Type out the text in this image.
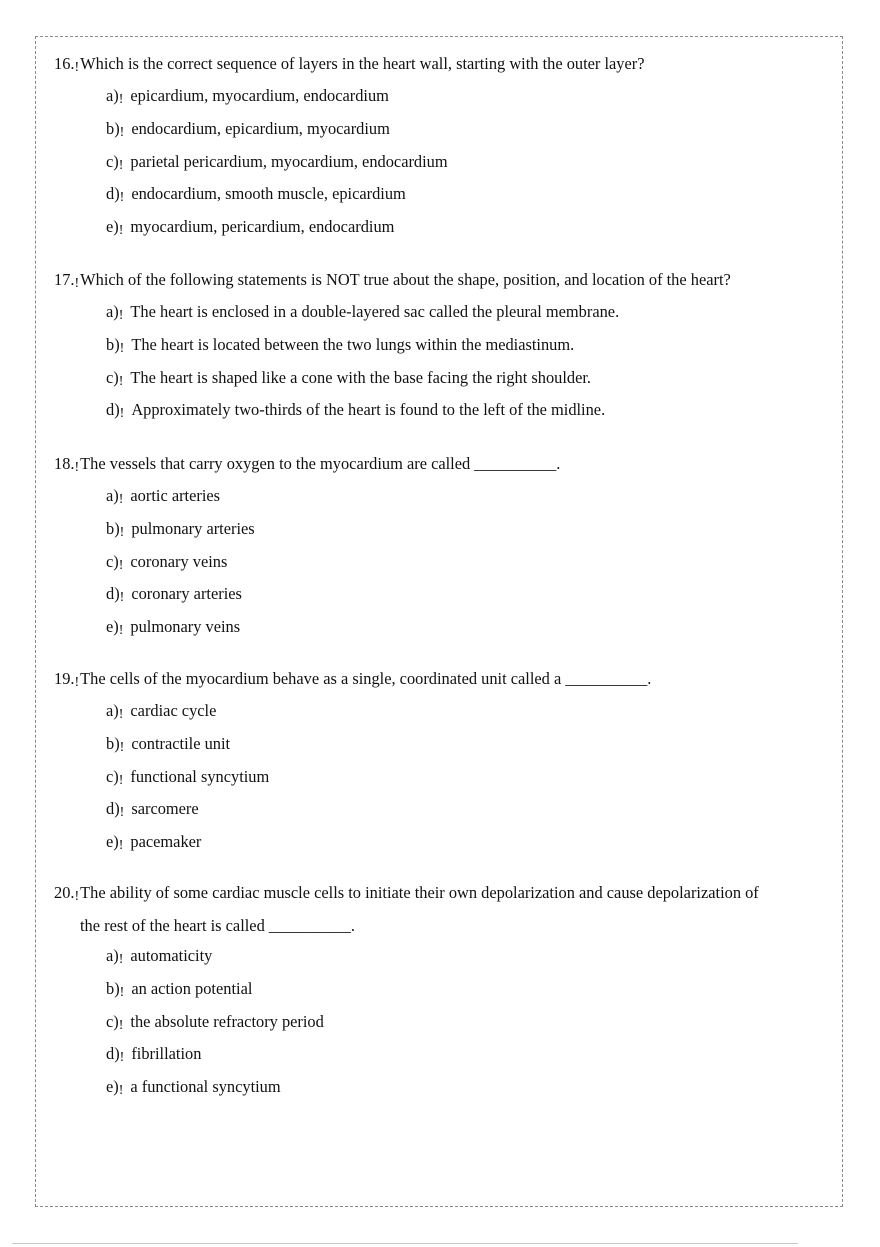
16.!Which is the correct sequence of layers in the heart wall, starting with the outer layer?
a)! epicardium, myocardium, endocardium
b)! endocardium, epicardium, myocardium
c)! parietal pericardium, myocardium, endocardium
d)! endocardium, smooth muscle, epicardium
e)! myocardium, pericardium, endocardium
17.!Which of the following statements is NOT true about the shape, position, and location of the heart?
a)! The heart is enclosed in a double-layered sac called the pleural membrane.
b)! The heart is located between the two lungs within the mediastinum.
c)! The heart is shaped like a cone with the base facing the right shoulder.
d)! Approximately two-thirds of the heart is found to the left of the midline.
18.!The vessels that carry oxygen to the myocardium are called __________.
a)! aortic arteries
b)! pulmonary arteries
c)! coronary veins
d)! coronary arteries
e)! pulmonary veins
19.!The cells of the myocardium behave as a single, coordinated unit called a __________.
a)! cardiac cycle
b)! contractile unit
c)! functional syncytium
d)! sarcomere
e)! pacemaker
20.!The ability of some cardiac muscle cells to initiate their own depolarization and cause depolarization of
the rest of the heart is called __________.
a)! automaticity
b)! an action potential
c)! the absolute refractory period
d)! fibrillation
e)! a functional syncytium
